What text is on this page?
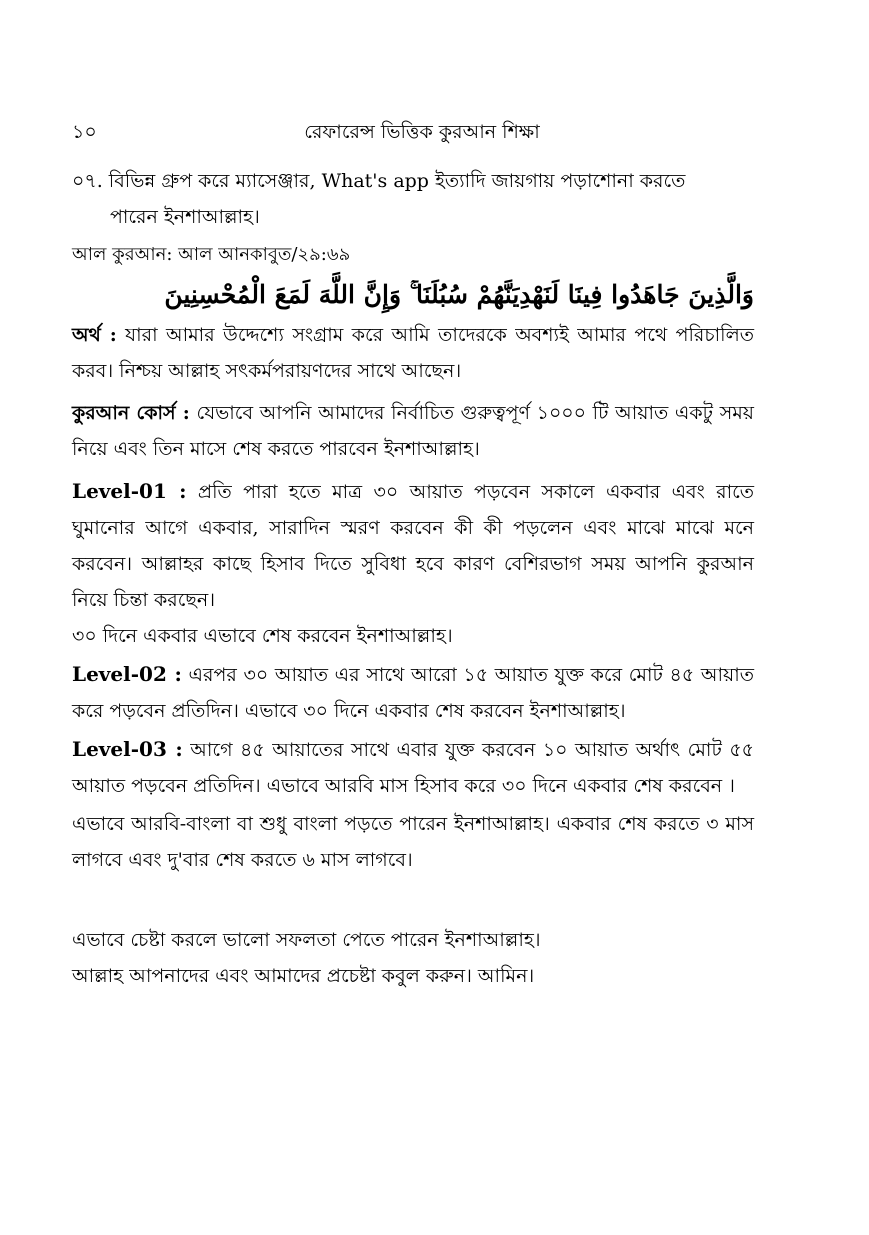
১০	রেফারেন্স ভিত্তিক কুরআন শিক্ষা

০৭. বিভিন্ন গ্রুপ করে ম্যাসেঞ্জার, What's app ইত্যাদি জায়গায় পড়াশোনা করতে

পারেন ইনশাআল্লাহ।

আল কুরআন: আল আনকাবুত/২৯:৬৯

وَالَّذِينَ جَاهَدُوا فِينَا لَنَهْدِيَنَّهُمْ سُبُلَنَا ۚ وَإِنَّ اللَّهَ لَمَعَ الْمُحْسِنِينَ

অর্থ : যারা আমার উদ্দেশ্যে সংগ্রাম করে আমি তাদেরকে অবশ্যই আমার পথে পরিচালিত করব। নিশ্চয় আল্লাহ সৎকর্মপরায়ণদের সাথে আছেন।

কুরআন কোর্স : যেভাবে আপনি আমাদের নির্বাচিত গুরুত্বপূর্ণ ১০০০ টি আয়াত একটু সময় নিয়ে এবং তিন মাসে শেষ করতে পারবেন ইনশাআল্লাহ।

Level-01 : প্রতি পারা হতে মাত্র ৩০ আয়াত পড়বেন সকালে একবার এবং রাতে ঘুমানোর আগে একবার, সারাদিন স্মরণ করবেন কী কী পড়লেন এবং মাঝে মাঝে মনে করবেন। আল্লাহর কাছে হিসাব দিতে সুবিধা হবে কারণ বেশিরভাগ সময় আপনি কুরআন নিয়ে চিন্তা করছেন।

৩০ দিনে একবার এভাবে শেষ করবেন ইনশাআল্লাহ।

Level-02 : এরপর ৩০ আয়াত এর সাথে আরো ১৫ আয়াত যুক্ত করে মোট ৪৫ আয়াত করে পড়বেন প্রতিদিন। এভাবে ৩০ দিনে একবার শেষ করবেন ইনশাআল্লাহ।

Level-03 : আগে ৪৫ আয়াতের সাথে এবার যুক্ত করবেন ১০ আয়াত অর্থাৎ মোট ৫৫ আয়াত পড়বেন প্রতিদিন। এভাবে আরবি মাস হিসাব করে ৩০ দিনে একবার শেষ করবেন ।

এভাবে আরবি-বাংলা বা শুধু বাংলা পড়তে পারেন ইনশাআল্লাহ। একবার শেষ করতে ৩ মাস লাগবে এবং দু'বার শেষ করতে ৬ মাস লাগবে।

এভাবে চেষ্টা করলে ভালো সফলতা পেতে পারেন ইনশাআল্লাহ।

আল্লাহ আপনাদের এবং আমাদের প্রচেষ্টা কবুল করুন। আমিন।
